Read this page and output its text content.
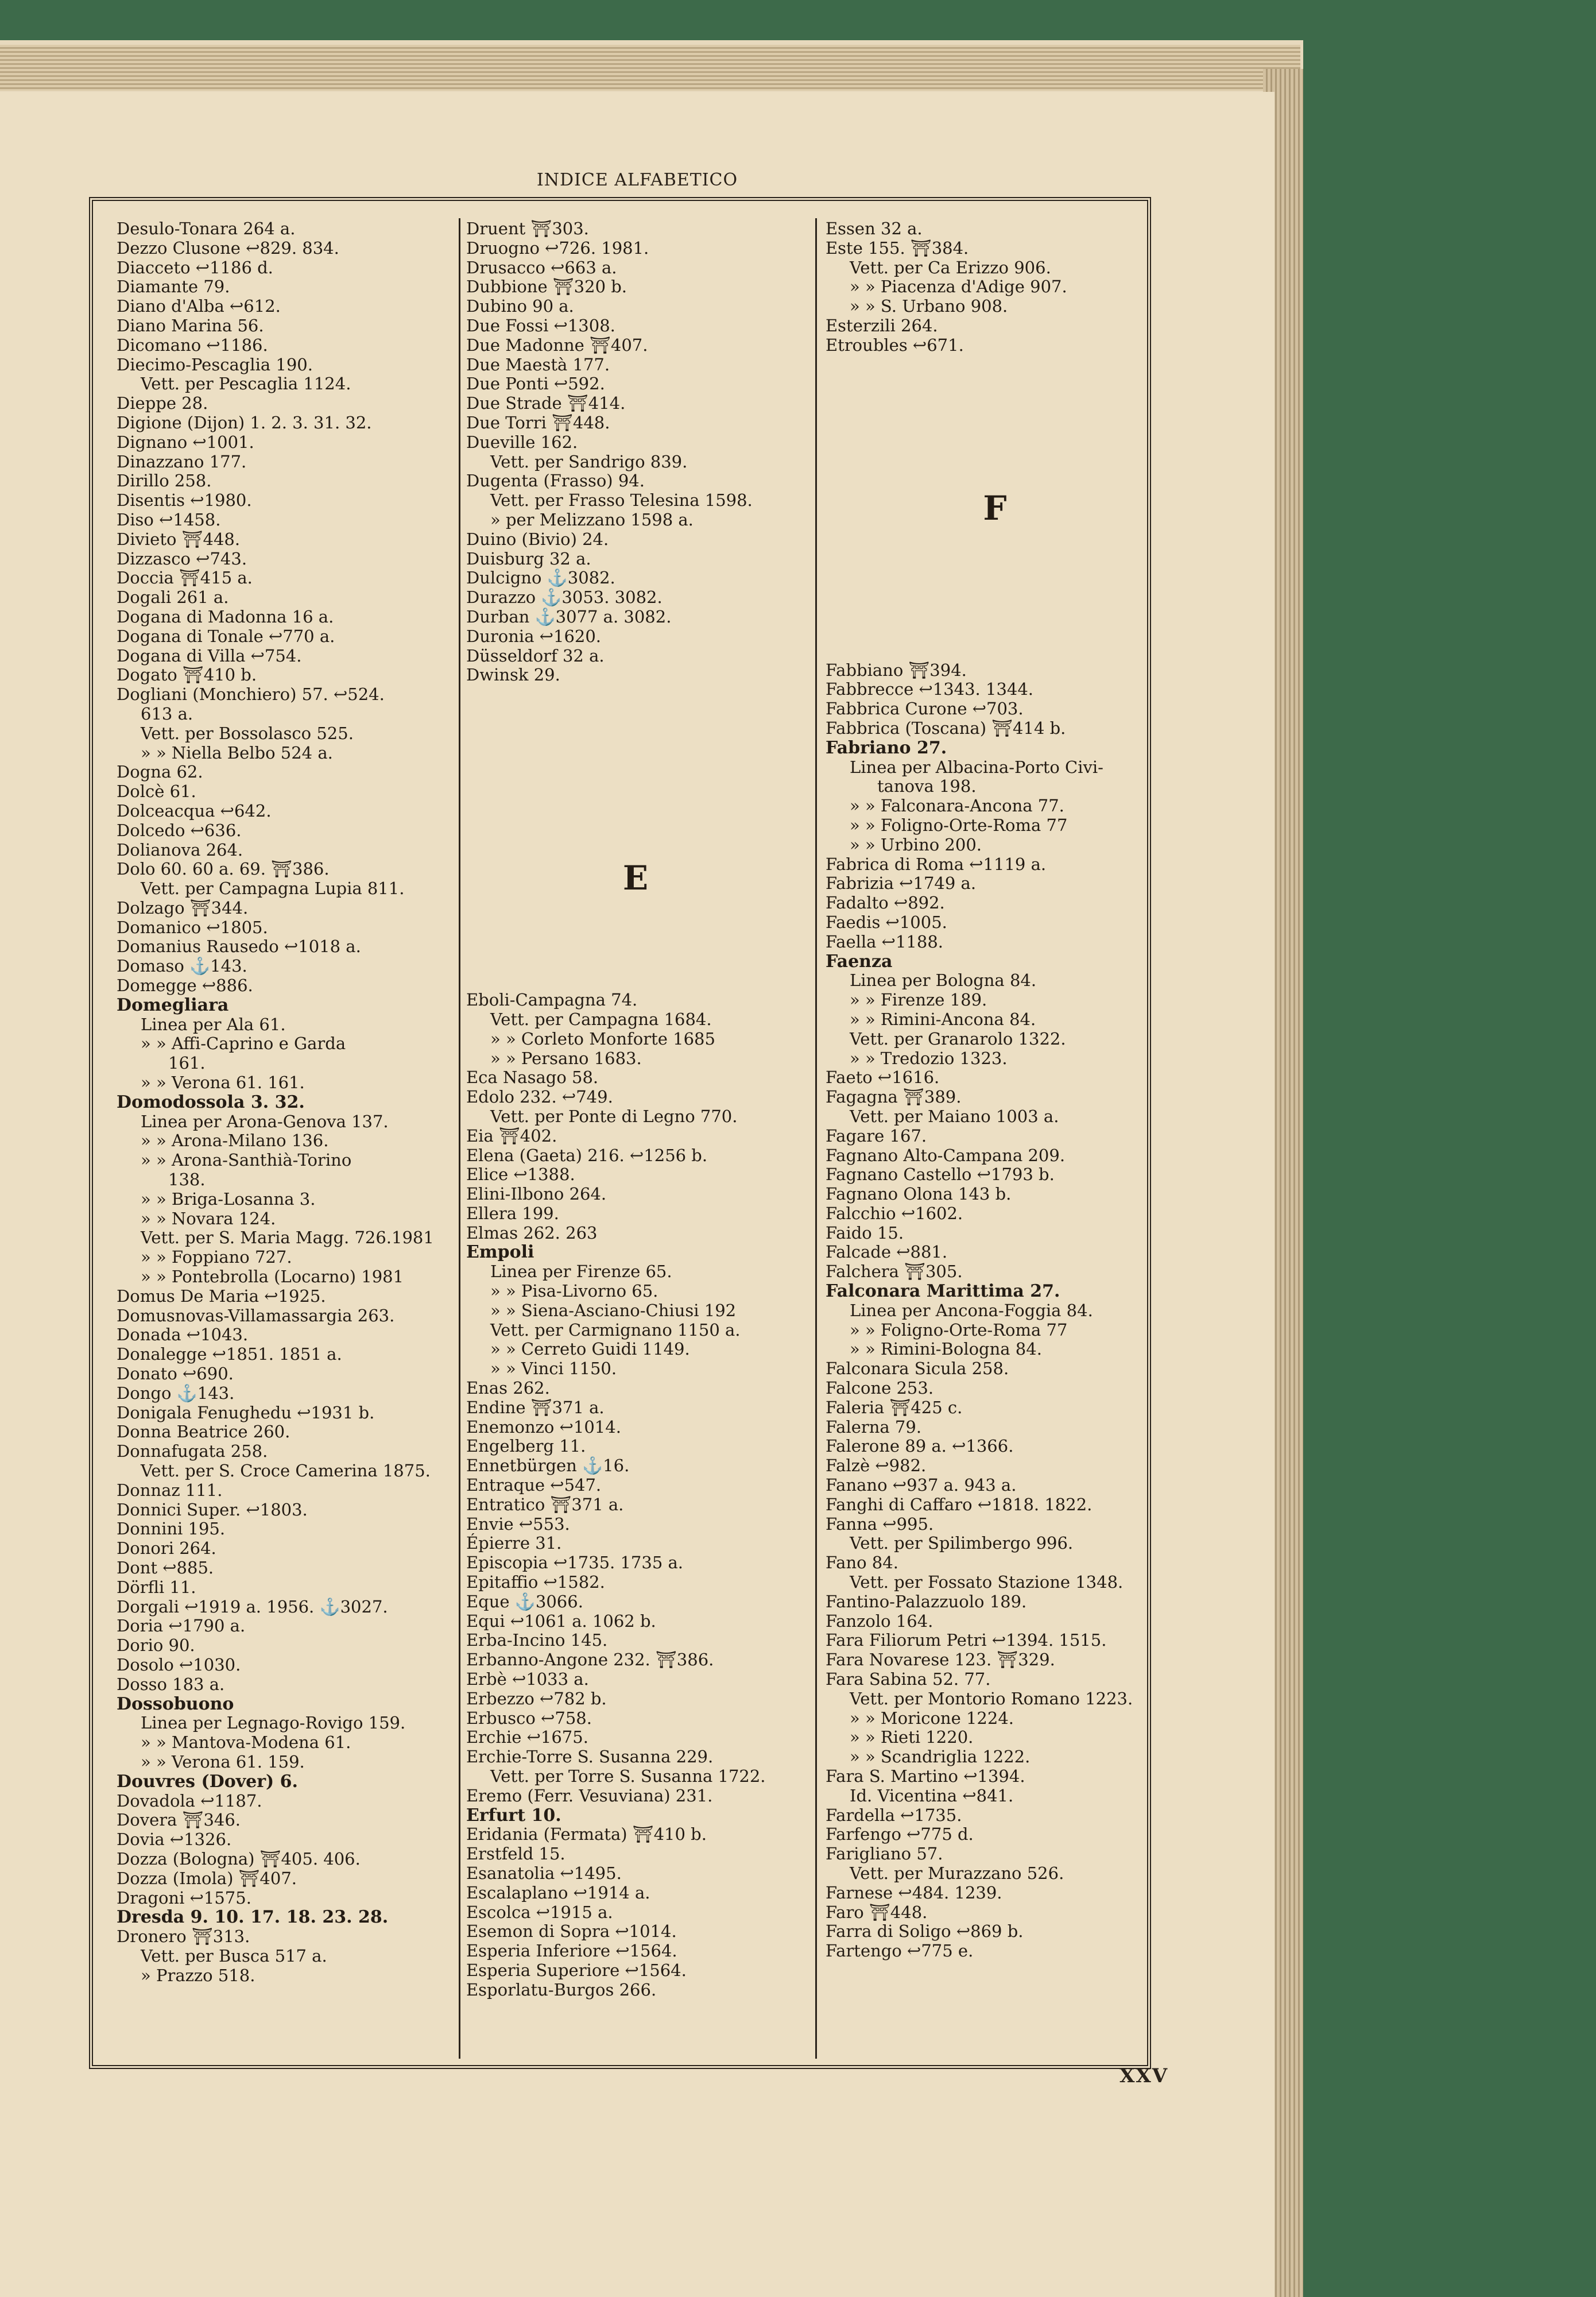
INDICE ALFABETICO
Desulo-Tonara 264 a.
Dezzo Clusone ↩829. 834.
Diacceto ↩1186 d.
Diamante 79.
Diano d'Alba ↩612.
Diano Marina 56.
Dicomano ↩1186.
Diecimo-Pescaglia 190.
Vett. per Pescaglia 1124.
Dieppe 28.
Digione (Dijon) 1. 2. 3. 31. 32.
Dignano ↩1001.
Dinazzano 177.
Dirillo 258.
Disentis ↩1980.
Diso ↩1458.
Divieto ⛩448.
Dizzasco ↩743.
Doccia ⛩415 a.
Dogali 261 a.
Dogana di Madonna 16 a.
Dogana di Tonale ↩770 a.
Dogana di Villa ↩754.
Dogato ⛩410 b.
Dogliani (Monchiero) 57. ↩524.
613 a.
Vett. per Bossolasco 525.
» » Niella Belbo 524 a.
Dogna 62.
Dolcè 61.
Dolceacqua ↩642.
Dolcedo ↩636.
Dolianova 264.
Dolo 60. 60 a. 69. ⛩386.
Vett. per Campagna Lupia 811.
Dolzago ⛩344.
Domanico ↩1805.
Domanius Rausedo ↩1018 a.
Domaso ⚓143.
Domegge ↩886.
Domegliara
Linea per Ala 61.
» » Affi-Caprino e Garda
161.
» » Verona 61. 161.
Domodossola 3. 32.
Linea per Arona-Genova 137.
» » Arona-Milano 136.
» » Arona-Santhià-Torino
138.
» » Briga-Losanna 3.
» » Novara 124.
Vett. per S. Maria Magg. 726.1981
» » Foppiano 727.
» » Pontebrolla (Locarno) 1981
Domus De Maria ↩1925.
Domusnovas-Villamassargia 263.
Donada ↩1043.
Donalegge ↩1851. 1851 a.
Donato ↩690.
Dongo ⚓143.
Donigala Fenughedu ↩1931 b.
Donna Beatrice 260.
Donnafugata 258.
Vett. per S. Croce Camerina 1875.
Donnaz 111.
Donnici Super. ↩1803.
Donnini 195.
Donori 264.
Dont ↩885.
Dörfli 11.
Dorgali ↩1919 a. 1956. ⚓3027.
Doria ↩1790 a.
Dorio 90.
Dosolo ↩1030.
Dosso 183 a.
Dossobuono
Linea per Legnago-Rovigo 159.
» » Mantova-Modena 61.
» » Verona 61. 159.
Douvres (Dover) 6.
Dovadola ↩1187.
Dovera ⛩346.
Dovia ↩1326.
Dozza (Bologna) ⛩405. 406.
Dozza (Imola) ⛩407.
Dragoni ↩1575.
Dresda 9. 10. 17. 18. 23. 28.
Dronero ⛩313.
Vett. per Busca 517 a.
» Prazzo 518.
Druent ⛩303.
Druogno ↩726. 1981.
Drusacco ↩663 a.
Dubbione ⛩320 b.
Dubino 90 a.
Due Fossi ↩1308.
Due Madonne ⛩407.
Due Maestà 177.
Due Ponti ↩592.
Due Strade ⛩414.
Due Torri ⛩448.
Dueville 162.
Vett. per Sandrigo 839.
Dugenta (Frasso) 94.
Vett. per Frasso Telesina 1598.
» per Melizzano 1598 a.
Duino (Bivio) 24.
Duisburg 32 a.
Dulcigno ⚓3082.
Durazzo ⚓3053. 3082.
Durban ⚓3077 a. 3082.
Duronia ↩1620.
Düsseldorf 32 a.
Dwinsk 29.
E
Eboli-Campagna 74.
Vett. per Campagna 1684.
» » Corleto Monforte 1685
» » Persano 1683.
Eca Nasago 58.
Edolo 232. ↩749.
Vett. per Ponte di Legno 770.
Eia ⛩402.
Elena (Gaeta) 216. ↩1256 b.
Elice ↩1388.
Elini-Ilbono 264.
Ellera 199.
Elmas 262. 263
Empoli
Linea per Firenze 65.
» » Pisa-Livorno 65.
» » Siena-Asciano-Chiusi 192
Vett. per Carmignano 1150 a.
» » Cerreto Guidi 1149.
» » Vinci 1150.
Enas 262.
Endine ⛩371 a.
Enemonzo ↩1014.
Engelberg 11.
Ennetbürgen ⚓16.
Entraque ↩547.
Entratico ⛩371 a.
Envie ↩553.
Épierre 31.
Episcopia ↩1735. 1735 a.
Epitaffio ↩1582.
Eque ⚓3066.
Equi ↩1061 a. 1062 b.
Erba-Incino 145.
Erbanno-Angone 232. ⛩386.
Erbè ↩1033 a.
Erbezzo ↩782 b.
Erbusco ↩758.
Erchie ↩1675.
Erchie-Torre S. Susanna 229.
Vett. per Torre S. Susanna 1722.
Eremo (Ferr. Vesuviana) 231.
Erfurt 10.
Eridania (Fermata) ⛩410 b.
Erstfeld 15.
Esanatolia ↩1495.
Escalaplano ↩1914 a.
Escolca ↩1915 a.
Esemon di Sopra ↩1014.
Esperia Inferiore ↩1564.
Esperia Superiore ↩1564.
Esporlatu-Burgos 266.
Essen 32 a.
Este 155. ⛩384.
Vett. per Ca Erizzo 906.
» » Piacenza d'Adige 907.
» » S. Urbano 908.
Esterzili 264.
Etroubles ↩671.
F
Fabbiano ⛩394.
Fabbrecce ↩1343. 1344.
Fabbrica Curone ↩703.
Fabbrica (Toscana) ⛩414 b.
Fabriano 27.
Linea per Albacina-Porto Civi-
tanova 198.
» » Falconara-Ancona 77.
» » Foligno-Orte-Roma 77
» » Urbino 200.
Fabrica di Roma ↩1119 a.
Fabrizia ↩1749 a.
Fadalto ↩892.
Faedis ↩1005.
Faella ↩1188.
Faenza
Linea per Bologna 84.
» » Firenze 189.
» » Rimini-Ancona 84.
Vett. per Granarolo 1322.
» » Tredozio 1323.
Faeto ↩1616.
Fagagna ⛩389.
Vett. per Maiano 1003 a.
Fagare 167.
Fagnano Alto-Campana 209.
Fagnano Castello ↩1793 b.
Fagnano Olona 143 b.
Falcchio ↩1602.
Faido 15.
Falcade ↩881.
Falchera ⛩305.
Falconara Marittima 27.
Linea per Ancona-Foggia 84.
» » Foligno-Orte-Roma 77
» » Rimini-Bologna 84.
Falconara Sicula 258.
Falcone 253.
Faleria ⛩425 c.
Falerna 79.
Falerone 89 a. ↩1366.
Falzè ↩982.
Fanano ↩937 a. 943 a.
Fanghi di Caffaro ↩1818. 1822.
Fanna ↩995.
Vett. per Spilimbergo 996.
Fano 84.
Vett. per Fossato Stazione 1348.
Fantino-Palazzuolo 189.
Fanzolo 164.
Fara Filiorum Petri ↩1394. 1515.
Fara Novarese 123. ⛩329.
Fara Sabina 52. 77.
Vett. per Montorio Romano 1223.
» » Moricone 1224.
» » Rieti 1220.
» » Scandriglia 1222.
Fara S. Martino ↩1394.
Id. Vicentina ↩841.
Fardella ↩1735.
Farfengo ↩775 d.
Farigliano 57.
Vett. per Murazzano 526.
Farnese ↩484. 1239.
Faro ⛩448.
Farra di Soligo ↩869 b.
Fartengo ↩775 e.
XXV
